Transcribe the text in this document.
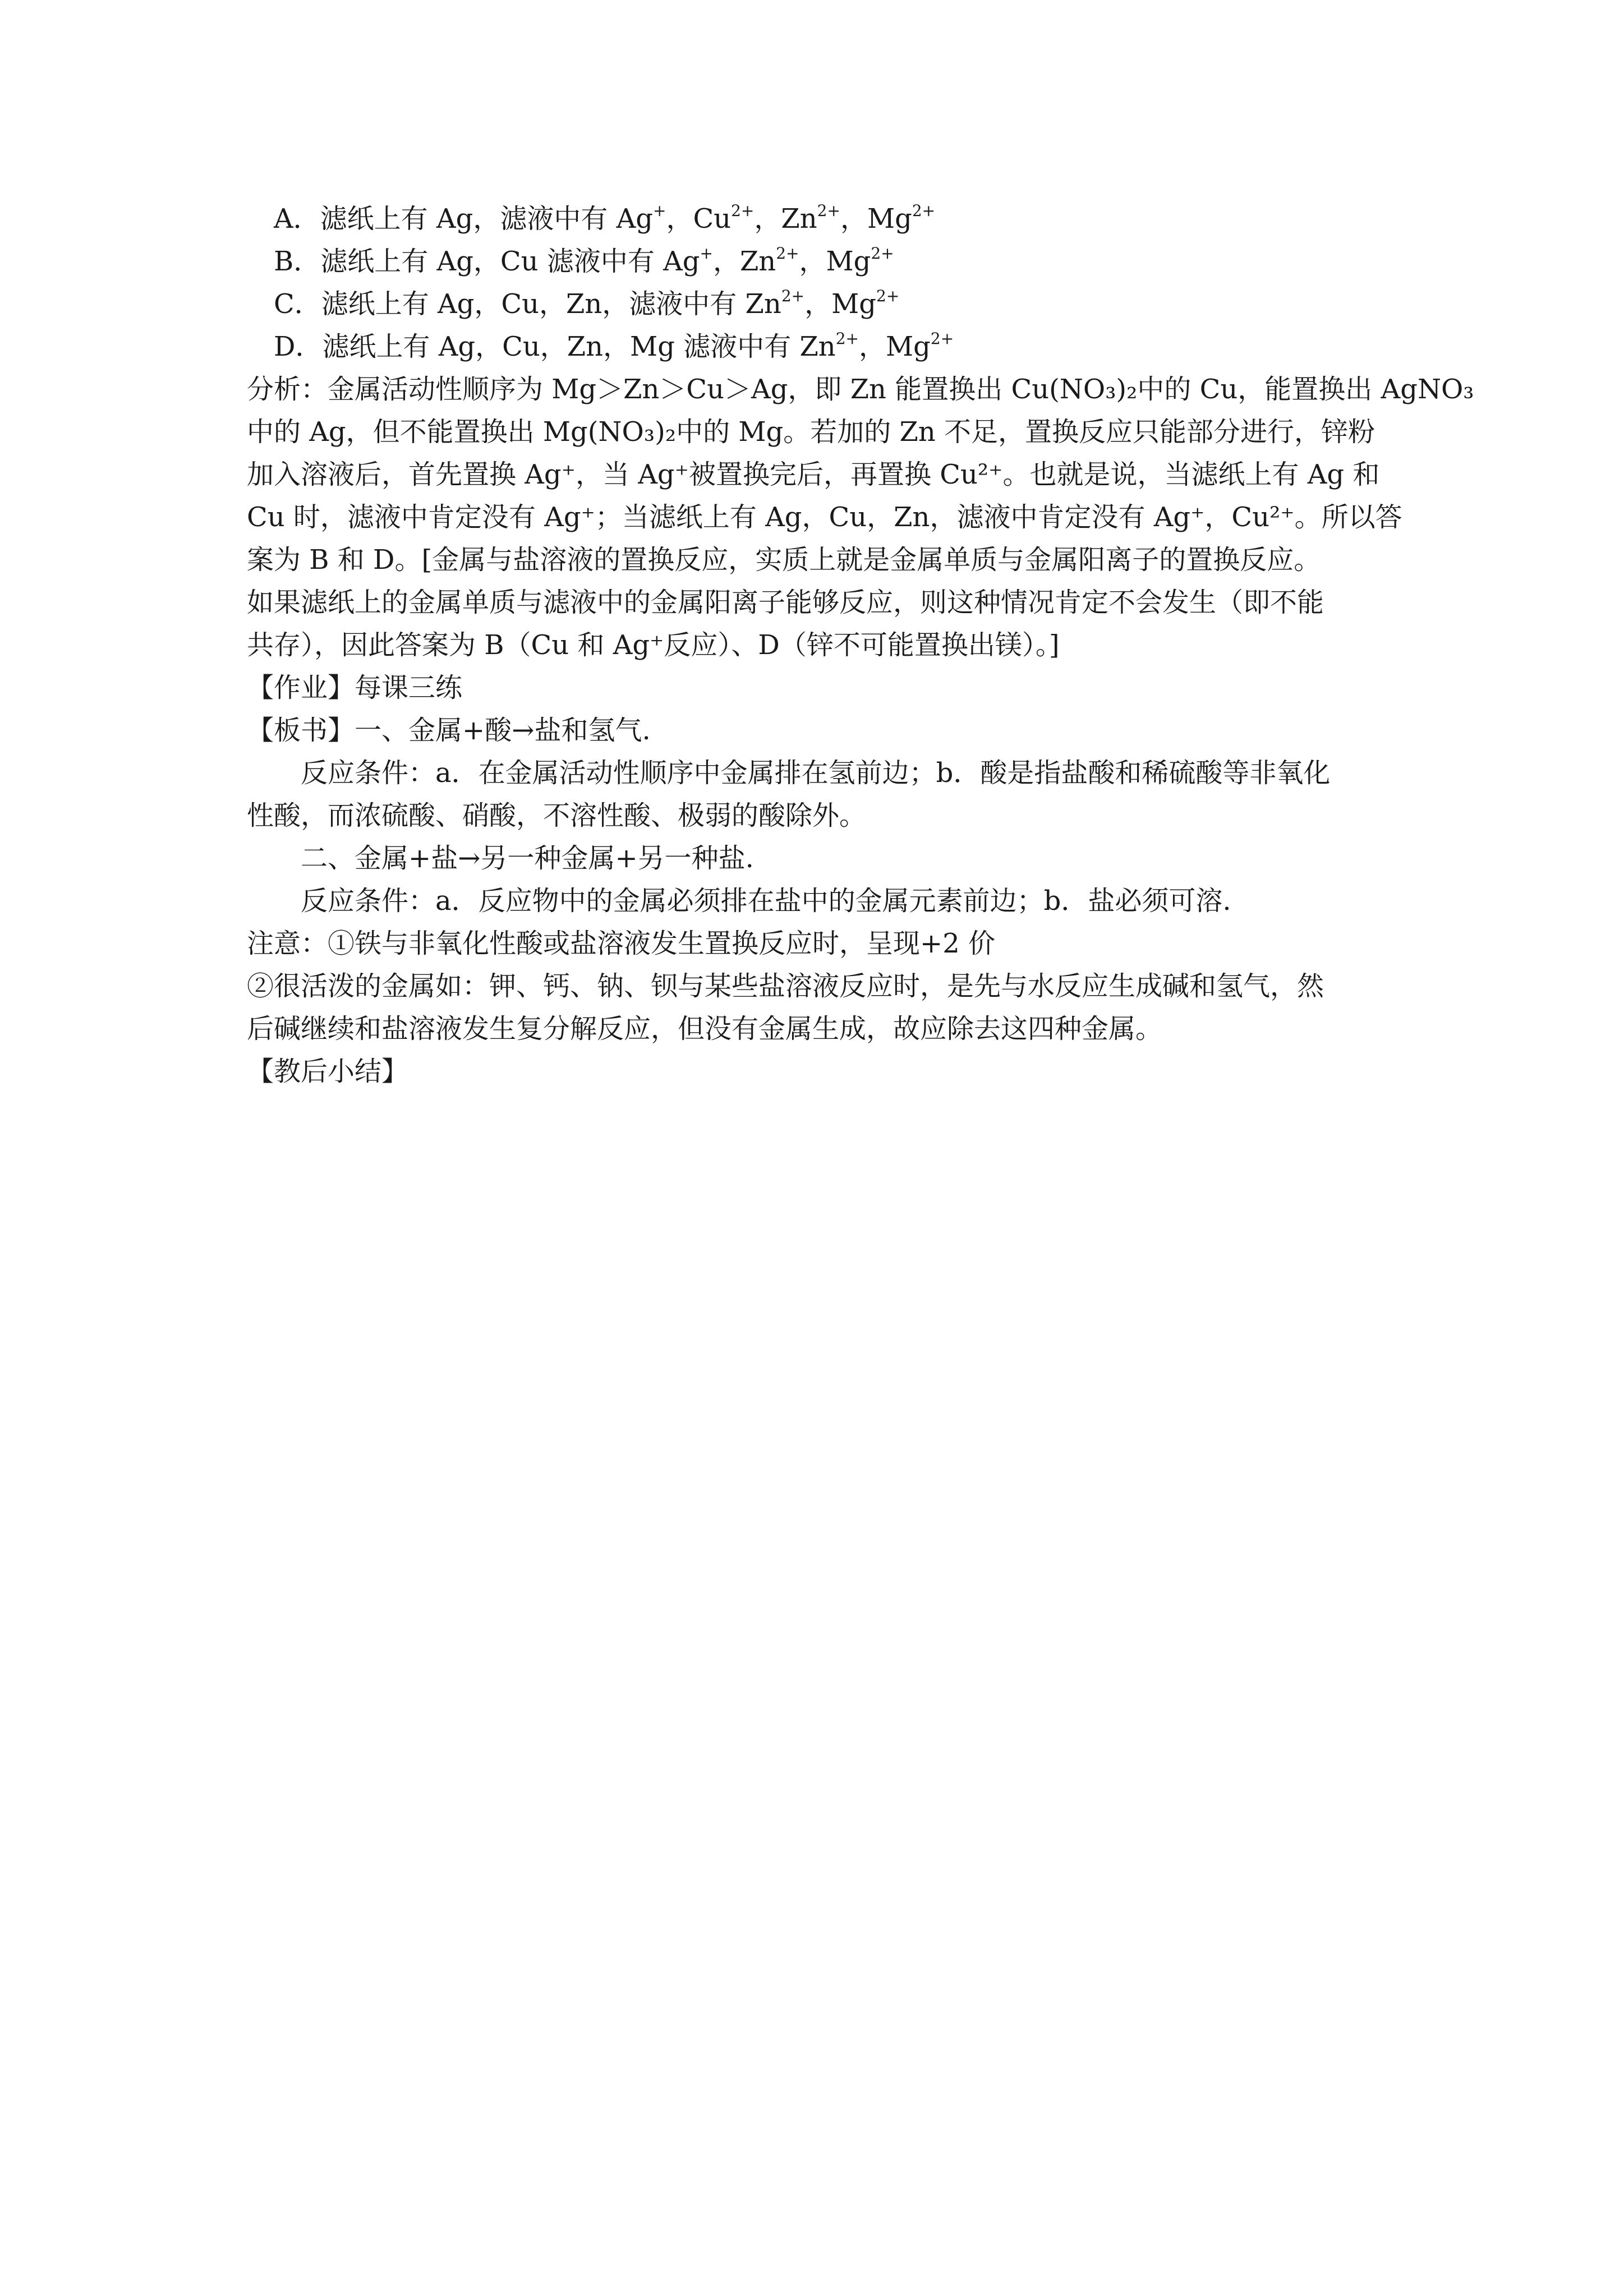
A．滤纸上有 Ag，滤液中有 Ag+，$Cu^{2+}$，$Zn^{2+}$，$Mg^{2+}$
B．滤纸上有 Ag，Cu 滤液中有 Ag+，$Zn^{2+}$，$Mg^{2+}$
C．滤纸上有 Ag，Cu，Zn，滤液中有 $Zn^{2+}$，$Mg^{2+}$
D．滤纸上有 Ag，Cu，Zn，Mg 滤液中有 $Zn^{2+}$，$Mg^{2+}$
分析：金属活动性顺序为 Mg＞Zn＞Cu＞Ag，即 Zn 能置换出 Cu(NO₃)₂中的 Cu，能置换出 AgNO₃
中的 Ag，但不能置换出 Mg(NO₃)₂中的 Mg。若加的 Zn 不足，置换反应只能部分进行，锌粉
加入溶液后，首先置换 Ag⁺，当 Ag⁺被置换完后，再置换 Cu²⁺。也就是说，当滤纸上有 Ag 和
Cu 时，滤液中肯定没有 Ag⁺；当滤纸上有 Ag，Cu，Zn，滤液中肯定没有 Ag⁺，Cu²⁺。所以答
案为 B 和 D。[金属与盐溶液的置换反应，实质上就是金属单质与金属阳离子的置换反应。
如果滤纸上的金属单质与滤液中的金属阳离子能够反应，则这种情况肯定不会发生（即不能
共存），因此答案为 B（Cu 和 Ag⁺反应）、D（锌不可能置换出镁）。]
【作业】每课三练
【板书】一、金属+酸→盐和氢气.
反应条件：a．在金属活动性顺序中金属排在氢前边；b．酸是指盐酸和稀硫酸等非氧化
性酸，而浓硫酸、硝酸，不溶性酸、极弱的酸除外。
二、金属+盐→另一种金属+另一种盐.
反应条件：a．反应物中的金属必须排在盐中的金属元素前边；b．盐必须可溶.
注意：①铁与非氧化性酸或盐溶液发生置换反应时，呈现+2 价
②很活泼的金属如：钾、钙、钠、钡与某些盐溶液反应时，是先与水反应生成碱和氢气，然
后碱继续和盐溶液发生复分解反应，但没有金属生成，故应除去这四种金属。
【教后小结】
